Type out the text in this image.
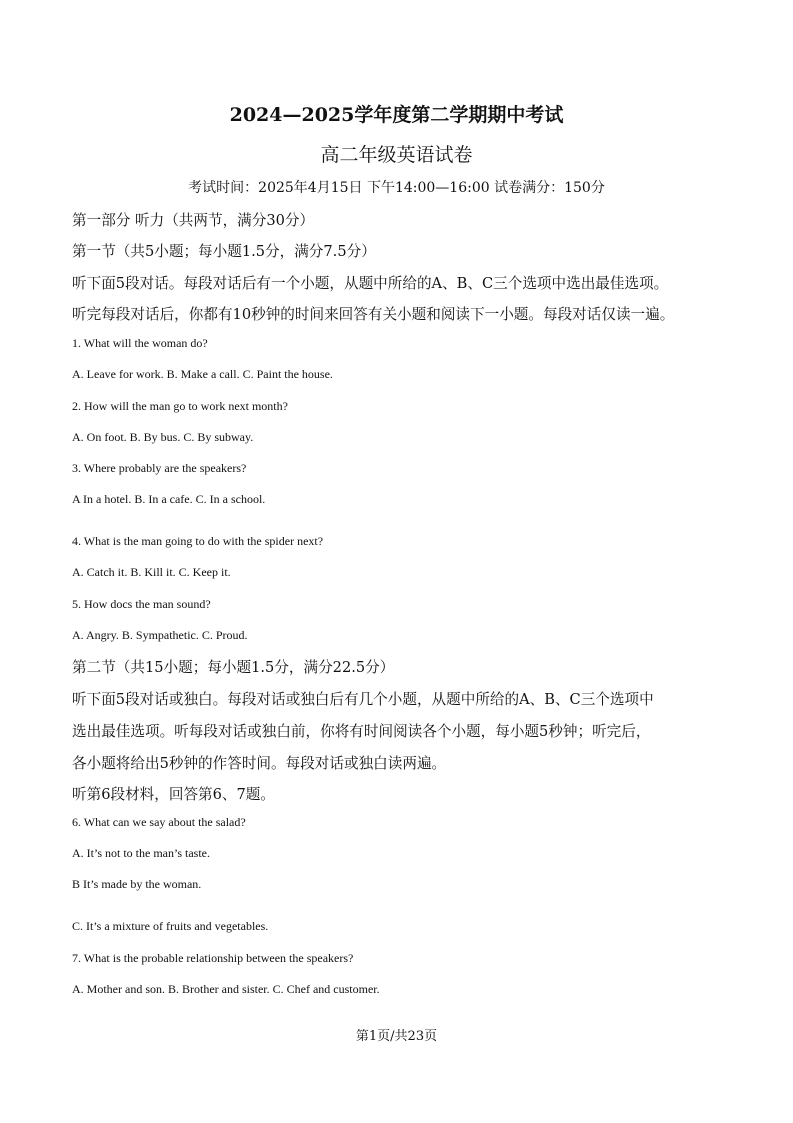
2024—2025学年度第二学期期中考试
高二年级英语试卷
考试时间：2025年4月15日 下午14:00—16:00 试卷满分：150分
第一部分 听力（共两节，满分30分）
第一节（共5小题；每小题1.5分，满分7.5分）
听下面5段对话。每段对话后有一个小题，从题中所给的A、B、C三个选项中选出最佳选项。
听完每段对话后，你都有10秒钟的时间来回答有关小题和阅读下一小题。每段对话仅读一遍。
1. What will the woman do?
A. Leave for work. B. Make a call. C. Paint the house.
2. How will the man go to work next month?
A. On foot. B. By bus. C. By subway.
3. Where probably are the speakers?
A In a hotel. B. In a cafe. C. In a school.
4. What is the man going to do with the spider next?
A. Catch it. B. Kill it. C. Keep it.
5. How docs the man sound?
A. Angry. B. Sympathetic. C. Proud.
第二节（共15小题；每小题1.5分，满分22.5分）
听下面5段对话或独白。每段对话或独白后有几个小题，从题中所给的A、B、C三个选项中
选出最佳选项。听每段对话或独白前，你将有时间阅读各个小题，每小题5秒钟；听完后，
各小题将给出5秒钟的作答时间。每段对话或独白读两遍。
听第6段材料，回答第6、7题。
6. What can we say about the salad?
A. It’s not to the man’s taste.
B It’s made by the woman.
C. It’s a mixture of fruits and vegetables.
7. What is the probable relationship between the speakers?
A. Mother and son. B. Brother and sister. C. Chef and customer.
第1页/共23页
